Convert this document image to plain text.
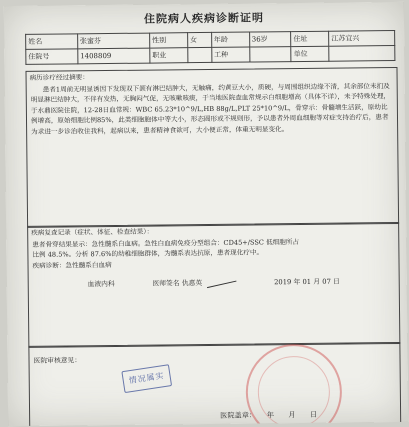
住院病人疾病诊断证明
姓名	张蜜芬	性别	女	年龄	36岁	住址	江苏宜兴
住院号	1408809	职业		工种		单位	
病历诊疗经过摘要：
患者1周前无明显诱因下发现双下颌有淋巴结肿大，无触痛，约黄豆大小，质硬，与周围组织边缘不清，其余部位未扪及明显淋巴结肿大，不伴有发热，无胸闷气促，无咳嗽咳痰，于当地医院查血常规示白细胞增高（具体不详），未予特殊处理，于水鼎医院住院，12-28日血常规：WBC 65.23*10^9/L,HB 88g/L,PLT 25*10^9/L，骨穿示：骨髓增生活跃，原幼比例增高，原始细胞比例85%，此类细胞胞体中等大小，形态圆形或不规则形，予以患者外周血细胞等对症支持治疗后，患者为求进一步诊治收住我科，起病以来，患者精神食欲可，大小便正常，体重无明显变化。
疾病复查记录（症状、体征、检查结果）：
患者骨穿结果显示：急性髓系白血病。急性白血病免疫分型组合：CD45+/SSC 低细胞所占
比例 48.5%。分析 87.6%的幼稚细胞群体，为髓系表达抗原，患者现化疗中。
疾病诊断：急性髓系白血病
血液内科	医师签名 仇惠英	2019 年 01 月 07 日
医院审核意见：
情况属实
医院盖章：　　年　　月　　日
